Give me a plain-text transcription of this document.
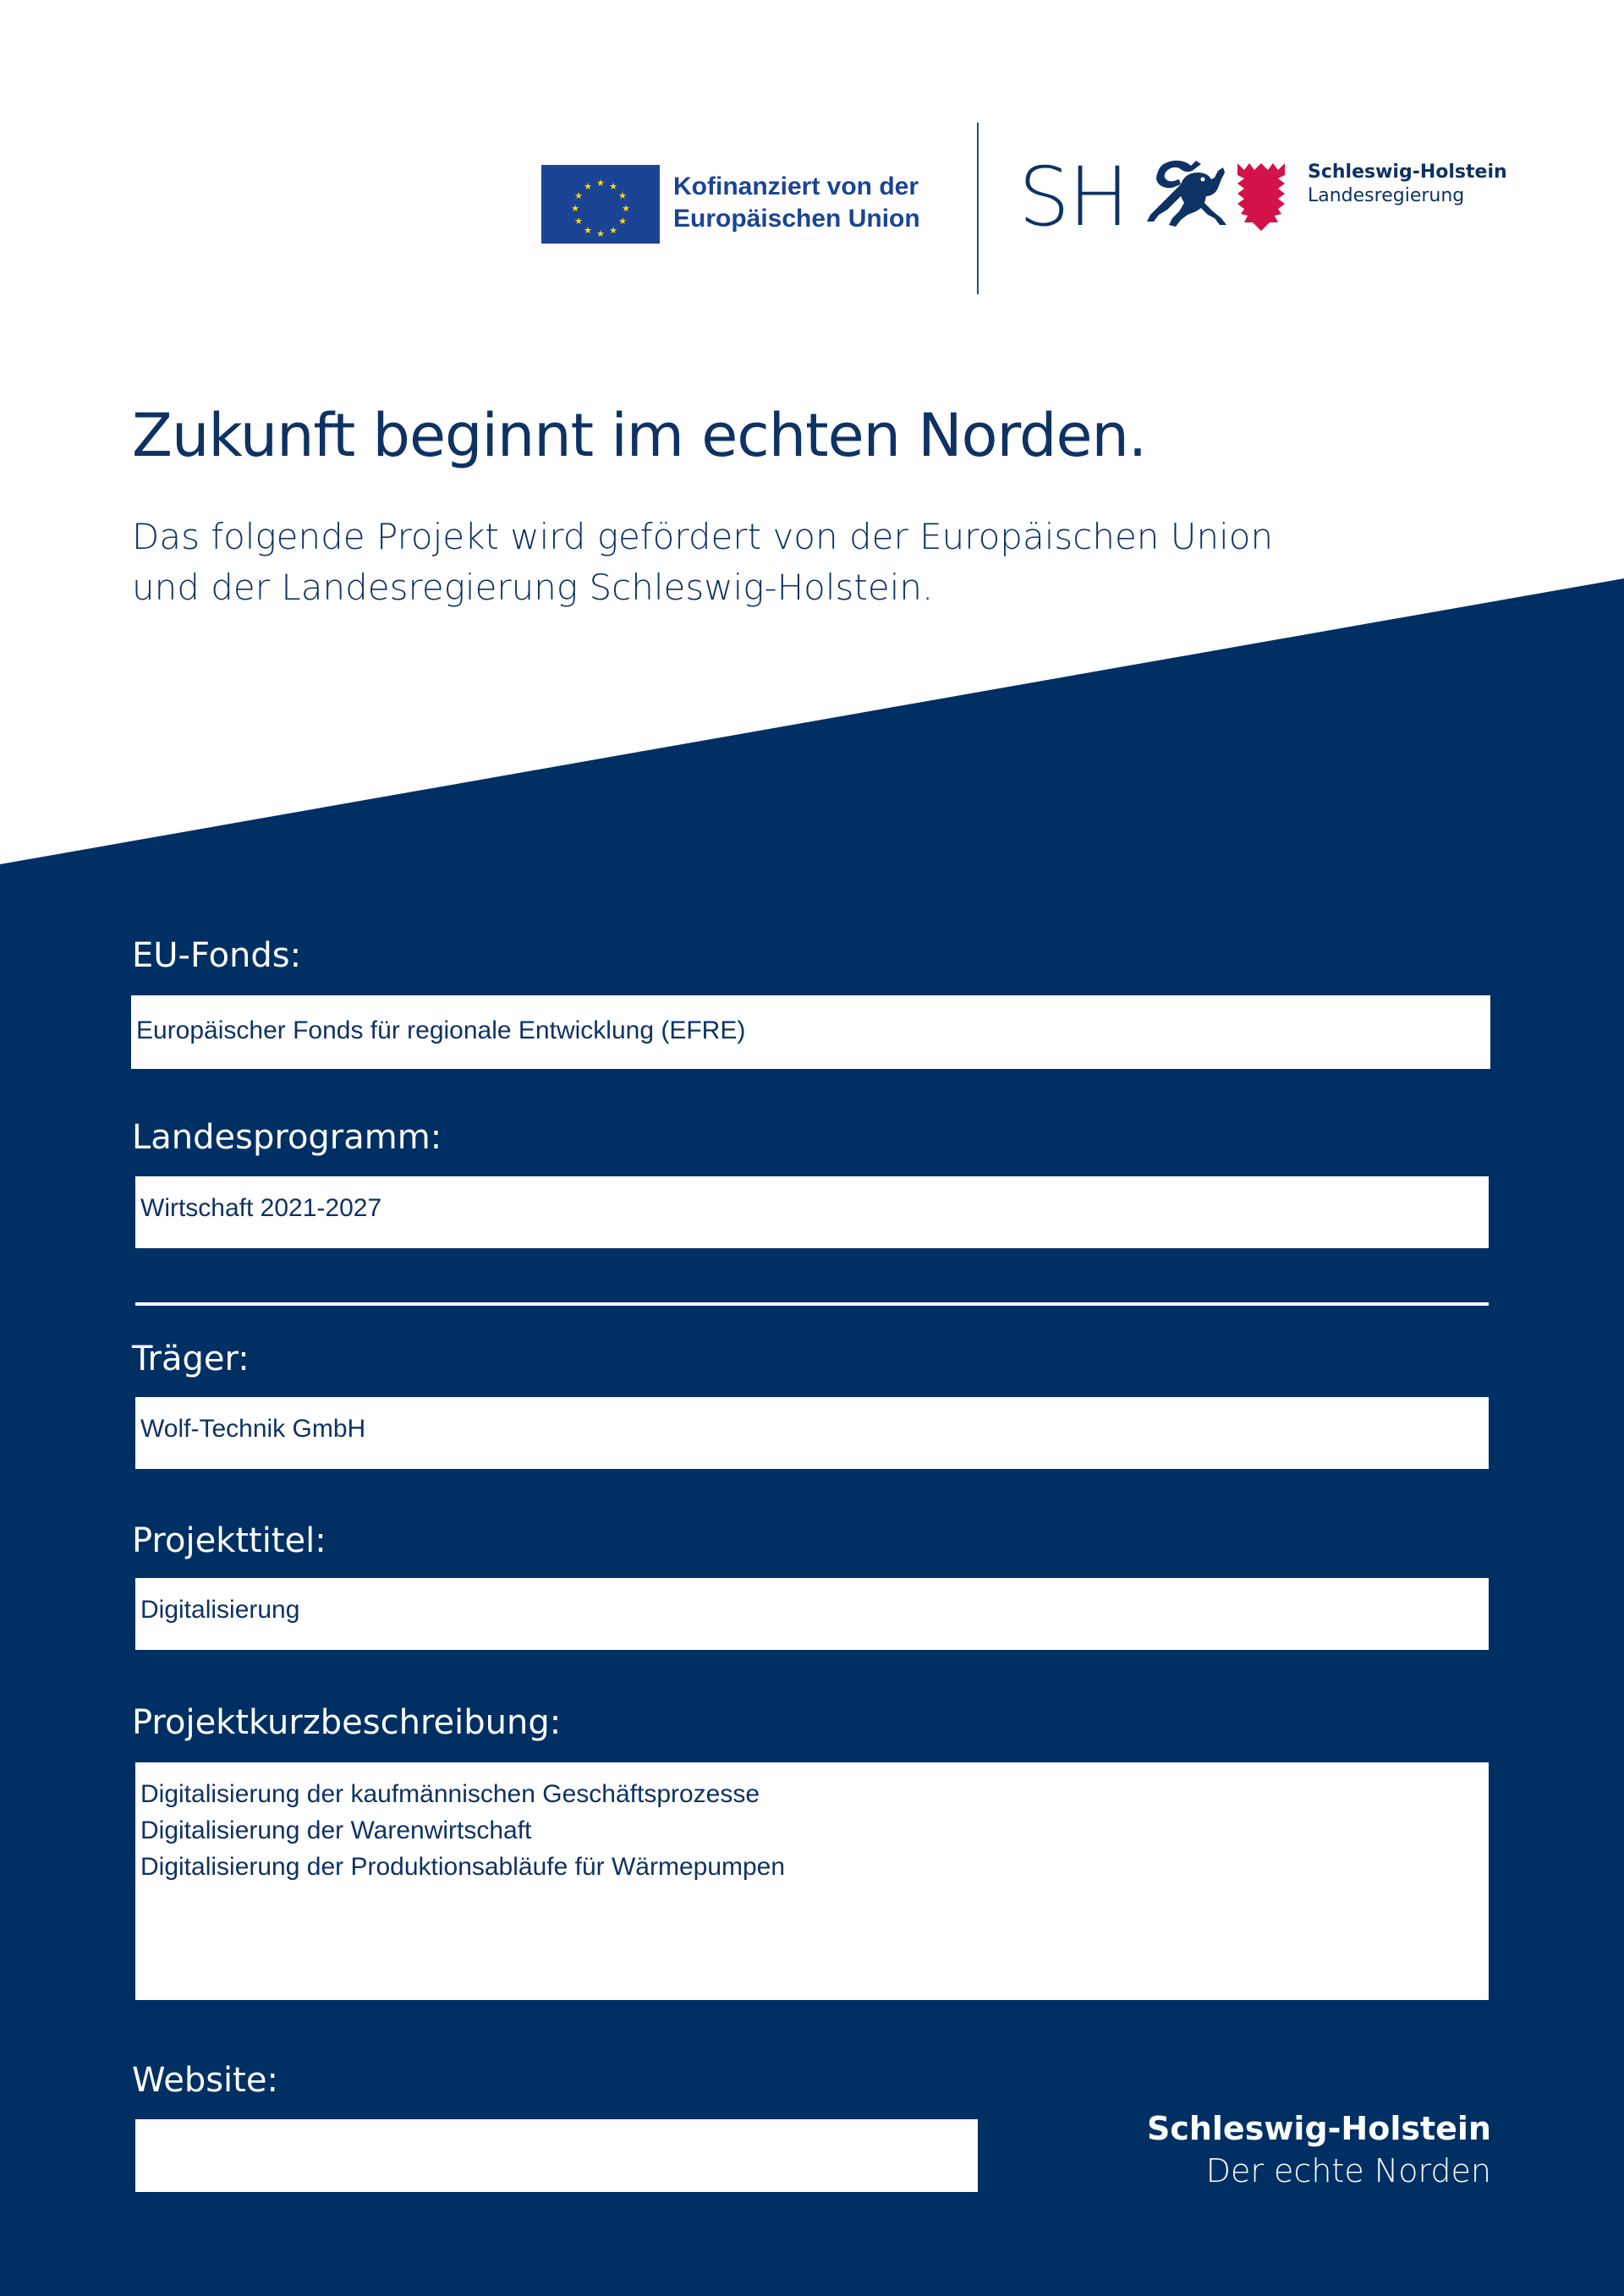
★ ★
★
★
★
★
★
★
★
★
★
★	Kofinanziert von der
Europäischen Union SH	Schleswig-Holstein
Landesregierung
Zukunft beginnt im echten Norden.
Das folgende Projekt wird gefördert von der Europäischen Union
und der Landesregierung Schleswig-Holstein.
EU-Fonds:
Europäischer Fonds für regionale Entwicklung (EFRE)
Landesprogramm:
Wirtschaft 2021-2027
Träger:
Wolf-Technik GmbH
Projekttitel:
Digitalisierung
Projektkurzbeschreibung:
Digitalisierung der kaufmännischen Geschäftsprozesse
Digitalisierung der Warenwirtschaft
Digitalisierung der Produktionsabläufe für Wärmepumpen
Website:
Schleswig-Holstein
Der echte Norden
